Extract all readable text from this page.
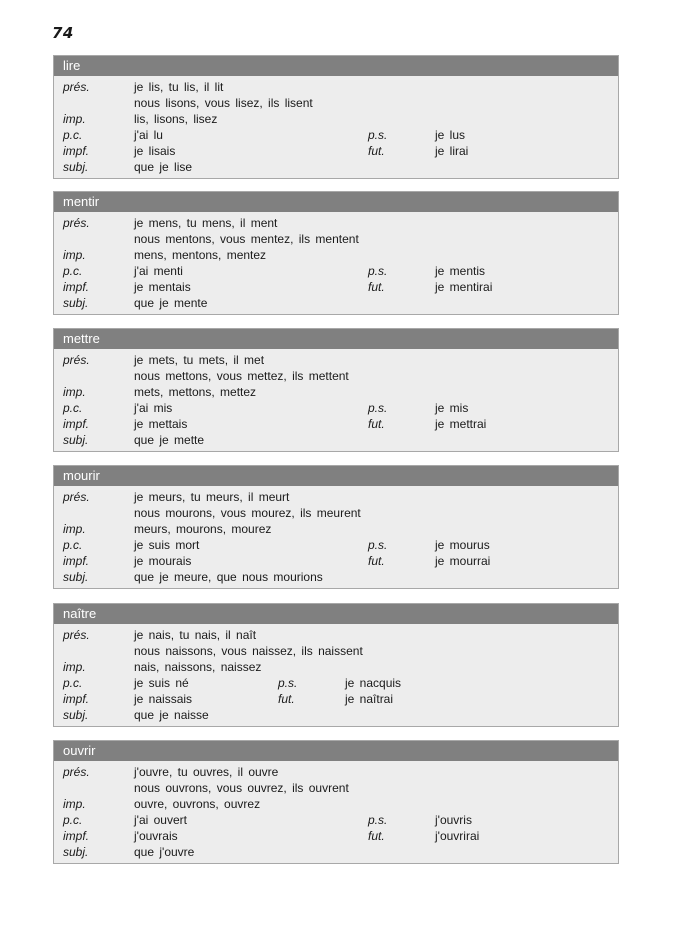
74
lire
prés.	je lis, tu lis, il lit
nous lisons, vous lisez, ils lisent
imp.	lis, lisons, lisez
p.c.	j'ai lu	p.s.	je lus
impf.	je lisais	fut.	je lirai
subj.	que je lise
mentir
prés.	je mens, tu mens, il ment
nous mentons, vous mentez, ils mentent
imp.	mens, mentons, mentez
p.c.	j'ai menti	p.s.	je mentis
impf.	je mentais	fut.	je mentirai
subj.	que je mente
mettre
prés.	je mets, tu mets, il met
nous mettons, vous mettez, ils mettent
imp.	mets, mettons, mettez
p.c.	j'ai mis	p.s.	je mis
impf.	je mettais	fut.	je mettrai
subj.	que je mette
mourir
prés.	je meurs, tu meurs, il meurt
nous mourons, vous mourez, ils meurent
imp.	meurs, mourons, mourez
p.c.	je suis mort	p.s.	je mourus
impf.	je mourais	fut.	je mourrai
subj.	que je meure, que nous mourions
naître
prés.	je nais, tu nais, il naît
nous naissons, vous naissez, ils naissent
imp.	nais, naissons, naissez
p.c.	je suis né	p.s.	je nacquis
impf.	je naissais	fut.	je naîtrai
subj.	que je naisse
ouvrir
prés.	j'ouvre, tu ouvres, il ouvre
nous ouvrons, vous ouvrez, ils ouvrent
imp.	ouvre, ouvrons, ouvrez
p.c.	j'ai ouvert	p.s.	j'ouvris
impf.	j'ouvrais	fut.	j'ouvrirai
subj.	que j'ouvre
